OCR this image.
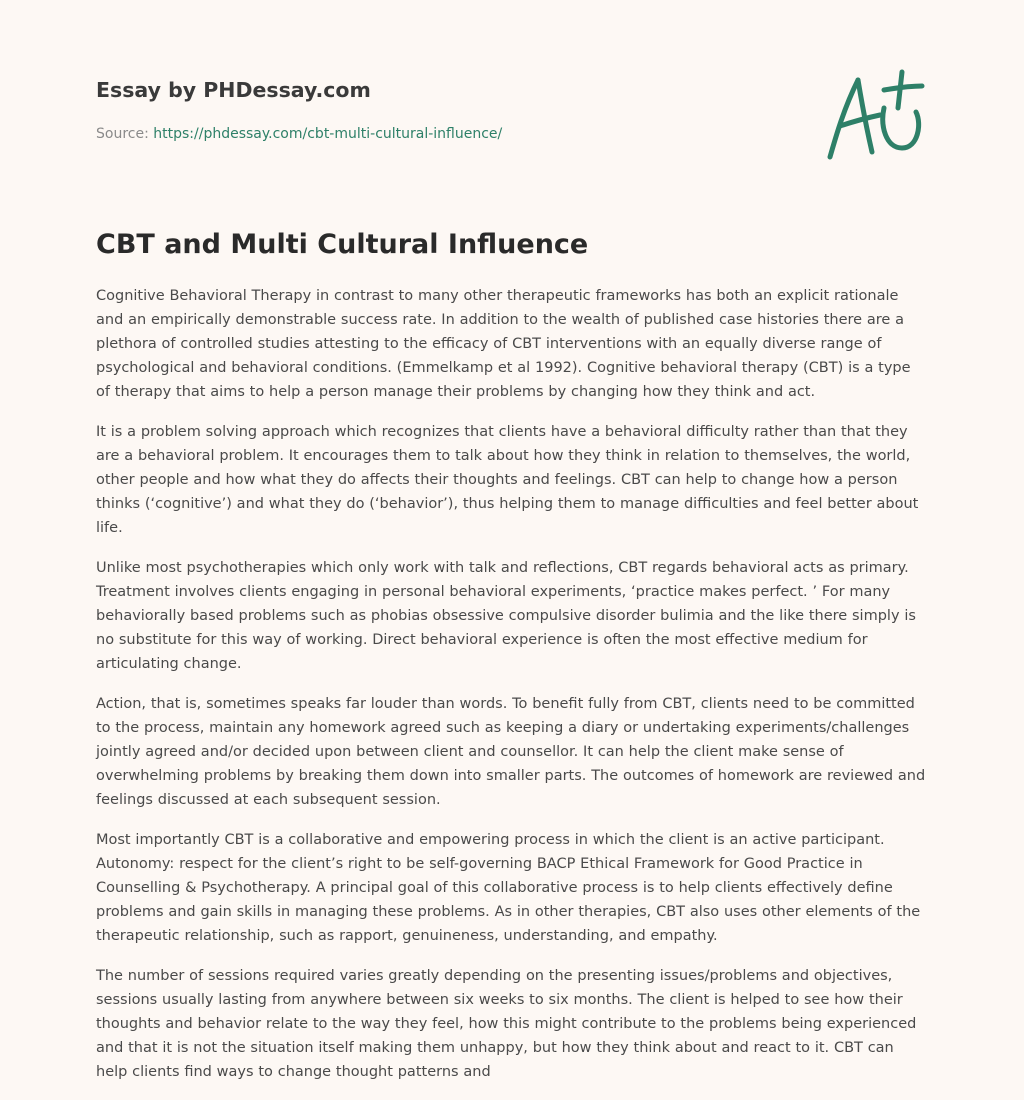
Essay by PHDessay.com
Source: https://phdessay.com/cbt-multi-cultural-influence/
CBT and Multi Cultural Influence

Cognitive Behavioral Therapy in contrast to many other therapeutic frameworks has both an explicit rationale and an empirically demonstrable success rate. In addition to the wealth of published case histories there are a plethora of controlled studies attesting to the efficacy of CBT interventions with an equally diverse range of psychological and behavioral conditions. (Emmelkamp et al 1992). Cognitive behavioral therapy (CBT) is a type of therapy that aims to help a person manage their problems by changing how they think and act.

It is a problem solving approach which recognizes that clients have a behavioral difficulty rather than that they are a behavioral problem. It encourages them to talk about how they think in relation to themselves, the world, other people and how what they do affects their thoughts and feelings. CBT can help to change how a person thinks (‘cognitive’) and what they do (‘behavior’), thus helping them to manage difficulties and feel better about life.

Unlike most psychotherapies which only work with talk and reflections, CBT regards behavioral acts as primary. Treatment involves clients engaging in personal behavioral experiments, ‘practice makes perfect. ’ For many behaviorally based problems such as phobias obsessive compulsive disorder bulimia and the like there simply is no substitute for this way of working. Direct behavioral experience is often the most effective medium for articulating change.

Action, that is, sometimes speaks far louder than words. To benefit fully from CBT, clients need to be committed to the process, maintain any homework agreed such as keeping a diary or undertaking experiments/challenges jointly agreed and/or decided upon between client and counsellor. It can help the client make sense of overwhelming problems by breaking them down into smaller parts. The outcomes of homework are reviewed and feelings discussed at each subsequent session.

Most importantly CBT is a collaborative and empowering process in which the client is an active participant. Autonomy: respect for the client’s right to be self-governing BACP Ethical Framework for Good Practice in Counselling & Psychotherapy. A principal goal of this collaborative process is to help clients effectively define problems and gain skills in managing these problems. As in other therapies, CBT also uses other elements of the therapeutic relationship, such as rapport, genuineness, understanding, and empathy.

The number of sessions required varies greatly depending on the presenting issues/problems and objectives, sessions usually lasting from anywhere between six weeks to six months. The client is helped to see how their thoughts and behavior relate to the way they feel, how this might contribute to the problems being experienced and that it is not the situation itself making them unhappy, but how they think about and react to it. CBT can help clients find ways to change thought patterns and
